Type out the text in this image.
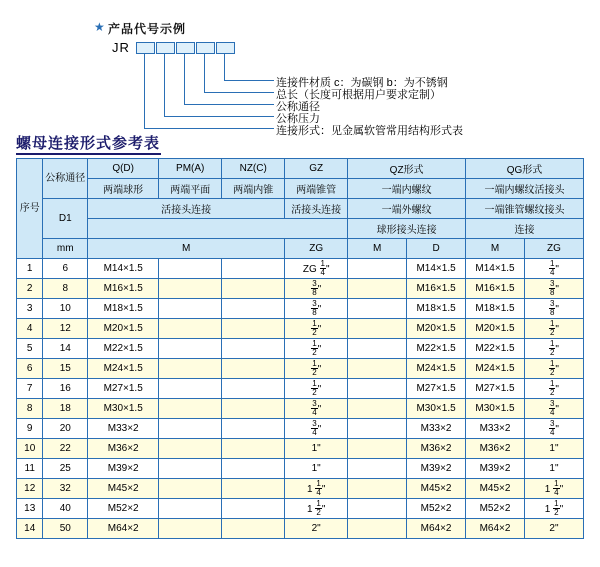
★ 产品代号示例
JR
连接件材质 c：为碳钢 b：为不锈钢
总长（长度可根据用户要求定制）
公称通径
公称压力
连接形式：见金属软管常用结构形式表
螺母连接形式参考表
序号	公称通径	Q(D)	PM(A)	NZ(C)	GZ	QZ形式		QG形式	
		两端球形	两端平面	两端内锥	两端锥管	一端内螺纹		一端内螺纹活接头	
	D1	活接头连接			活接头连接	一端外螺纹		一端锥管螺纹接头	
						球形接头连接		连接	
	mm	M			ZG	M	D	M	ZG
1	6	M14×1.5			ZG $\frac{1}{4}$ "		M14×1.5	M14×1.5	$\frac{1}{4}$ "
2	8	M16×1.5			$\frac{3}{8}$ "		M16×1.5	M16×1.5	$\frac{3}{8}$ "
3	10	M18×1.5			$\frac{3}{8}$ "		M18×1.5	M18×1.5	$\frac{3}{8}$ "
4	12	M20×1.5			$\frac{1}{2}$ "		M20×1.5	M20×1.5	$\frac{1}{2}$ "
5	14	M22×1.5			$\frac{1}{2}$ "		M22×1.5	M22×1.5	$\frac{1}{2}$ "
6	15	M24×1.5			$\frac{1}{2}$ "		M24×1.5	M24×1.5	$\frac{1}{2}$ "
7	16	M27×1.5			$\frac{1}{2}$ "		M27×1.5	M27×1.5	$\frac{1}{2}$ "
8	18	M30×1.5			$\frac{3}{4}$ "		M30×1.5	M30×1.5	$\frac{3}{4}$ "
9	20	M33×2			$\frac{3}{4}$ "		M33×2	M33×2	$\frac{3}{4}$ "
10	22	M36×2			1"		M36×2	M36×2	1"
11	25	M39×2			1"		M39×2	M39×2	1"
12	32	M45×2			$1 \frac{1}{4}$ "		M45×2	M45×2	$1 \frac{1}{4}$ "
13	40	M52×2			$1 \frac{1}{2}$ "		M52×2	M52×2	$1 \frac{1}{2}$ "
14	50	M64×2			2"		M64×2	M64×2	2"
